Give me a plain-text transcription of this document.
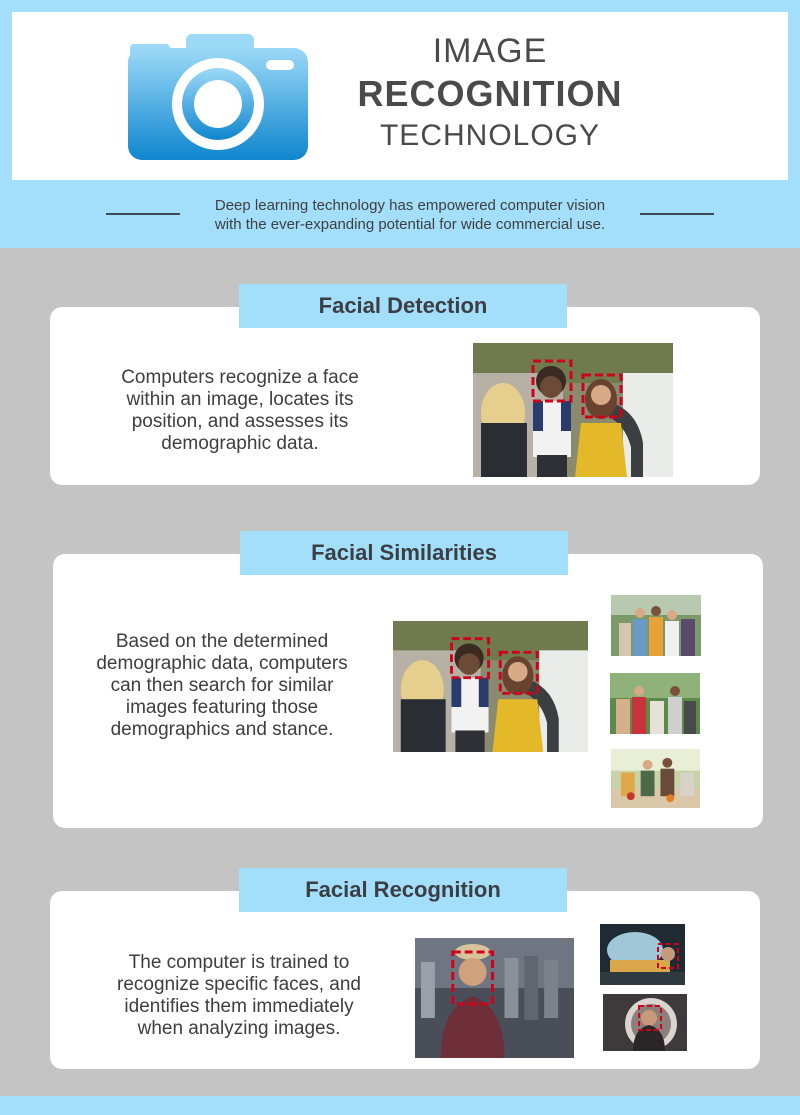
IMAGE
RECOGNITION
TECHNOLOGY
Deep learning technology has empowered computer vision
with the ever-expanding potential for wide commercial use.
Facial Detection
Computers recognize a face
within an image, locates its
position, and assesses its
demographic data.
Facial Similarities
Based on the determined
demographic data, computers
can then search for similar
images featuring those
demographics and stance.
Facial Recognition
The computer is trained to
recognize specific faces, and
identifies them immediately
when analyzing images.
